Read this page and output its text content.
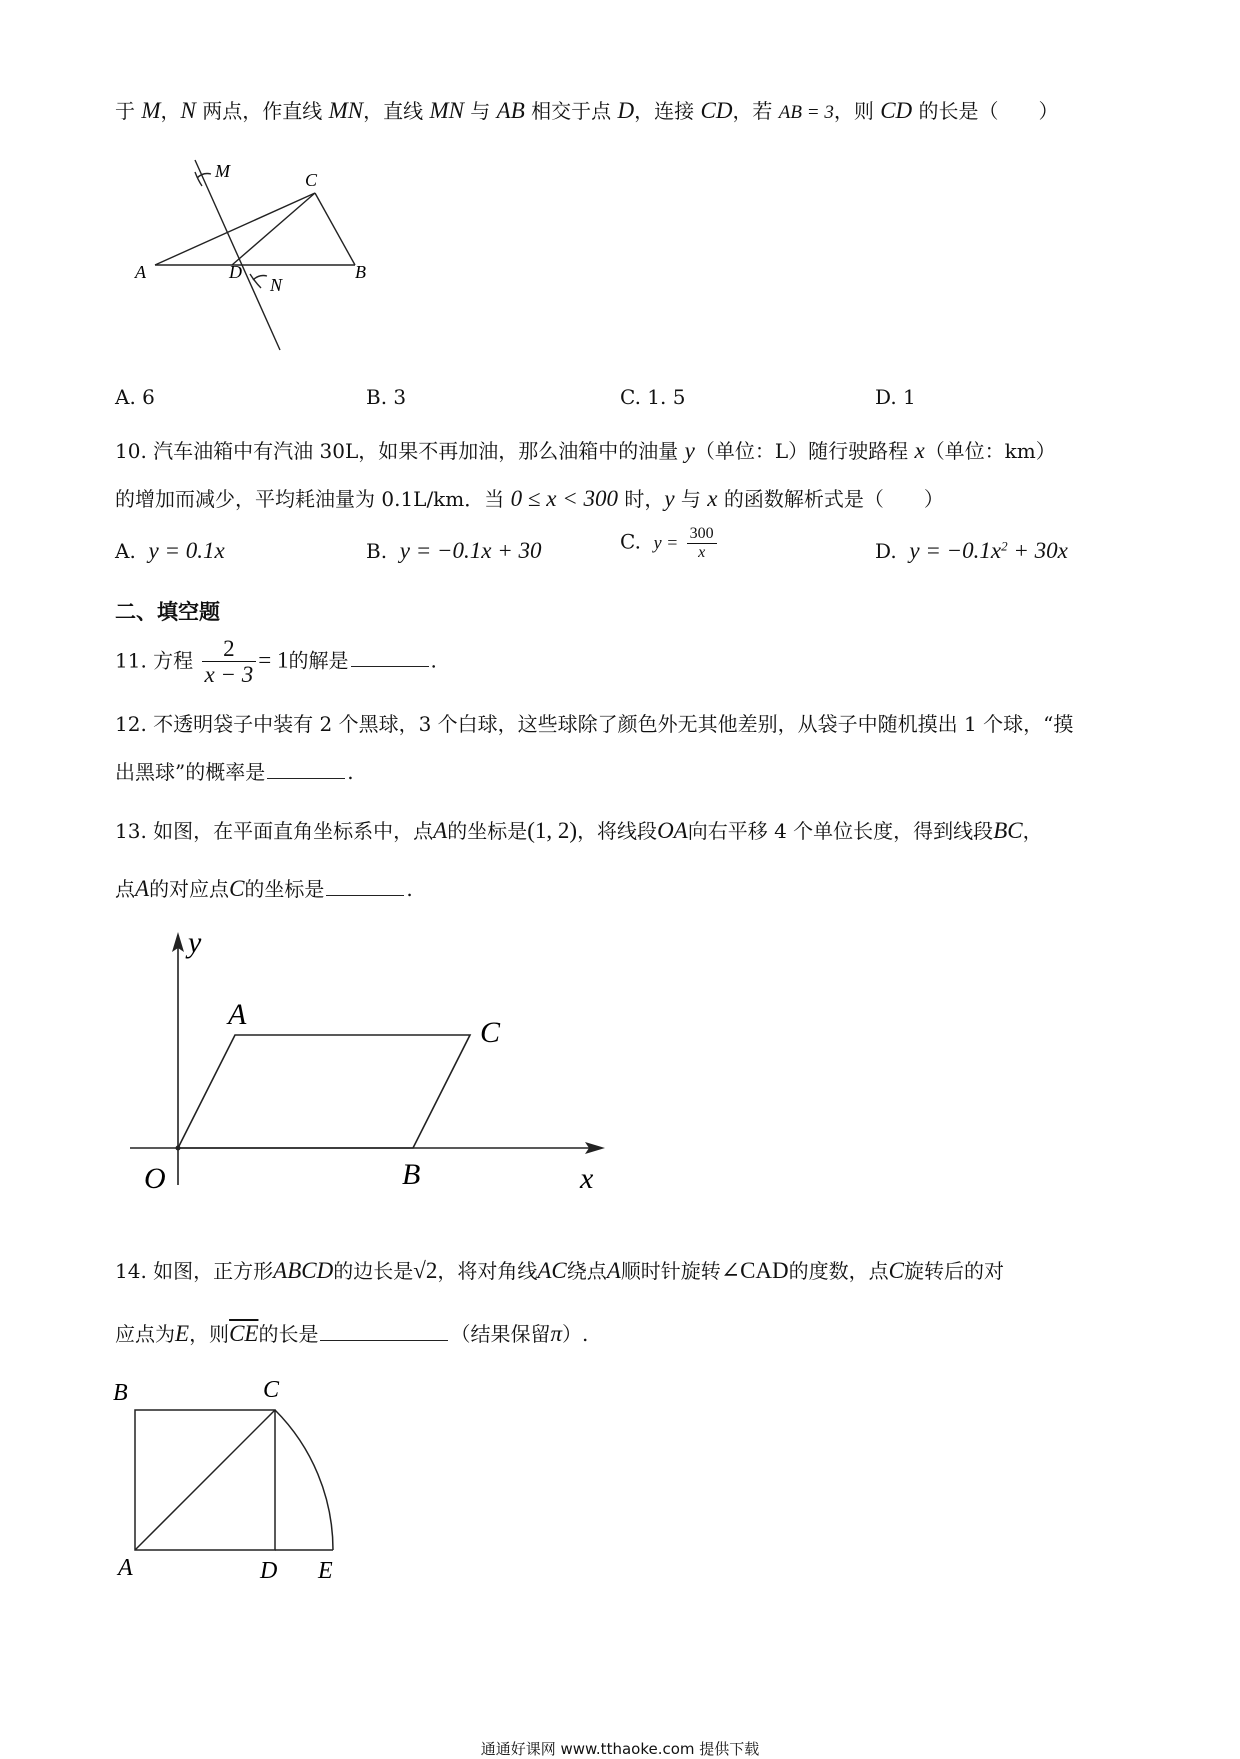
于 M，N 两点，作直线 MN，直线 MN 与 AB 相交于点 D，连接 CD，若 AB = 3，则 CD 的长是（　　）
M	C
A	D	B
N
A. 6	B. 3	C. 1. 5	D. 1
10. 汽车油箱中有汽油 30L，如果不再加油，那么油箱中的油量 y（单位：L）随行驶路程 x（单位：km）
的增加而减少，平均耗油量为 0.1L/km．当 0 ≤ x < 300 时，y 与 x 的函数解析式是（　　）
A. y = 0.1x	B. y = −0.1x + 30	C. $y = \frac{300}{x}$	D. $y = -0.1x^2 + 30x$
二、填空题
11. 方程 $\frac{2}{x - 3} = 1$的解是	.
12. 不透明袋子中装有 2 个黑球，3 个白球，这些球除了颜色外无其他差别，从袋子中随机摸出 1 个球，“摸
出黑球”的概率是	.
13. 如图，在平面直角坐标系中，点A的坐标是(1, 2)，将线段OA向右平移 4 个单位长度，得到线段BC，
点A的对应点C的坐标是	.
y
A
C
O	B	x
14. 如图，正方形ABCD的边长是√2，将对角线AC绕点A顺时针旋转∠CAD的度数，点C旋转后的对
应点为E，则$\overline{CE}$的长是	（结果保留π）.
B	C
A	D E
通通好课网 www.tthaoke.com 提供下载
